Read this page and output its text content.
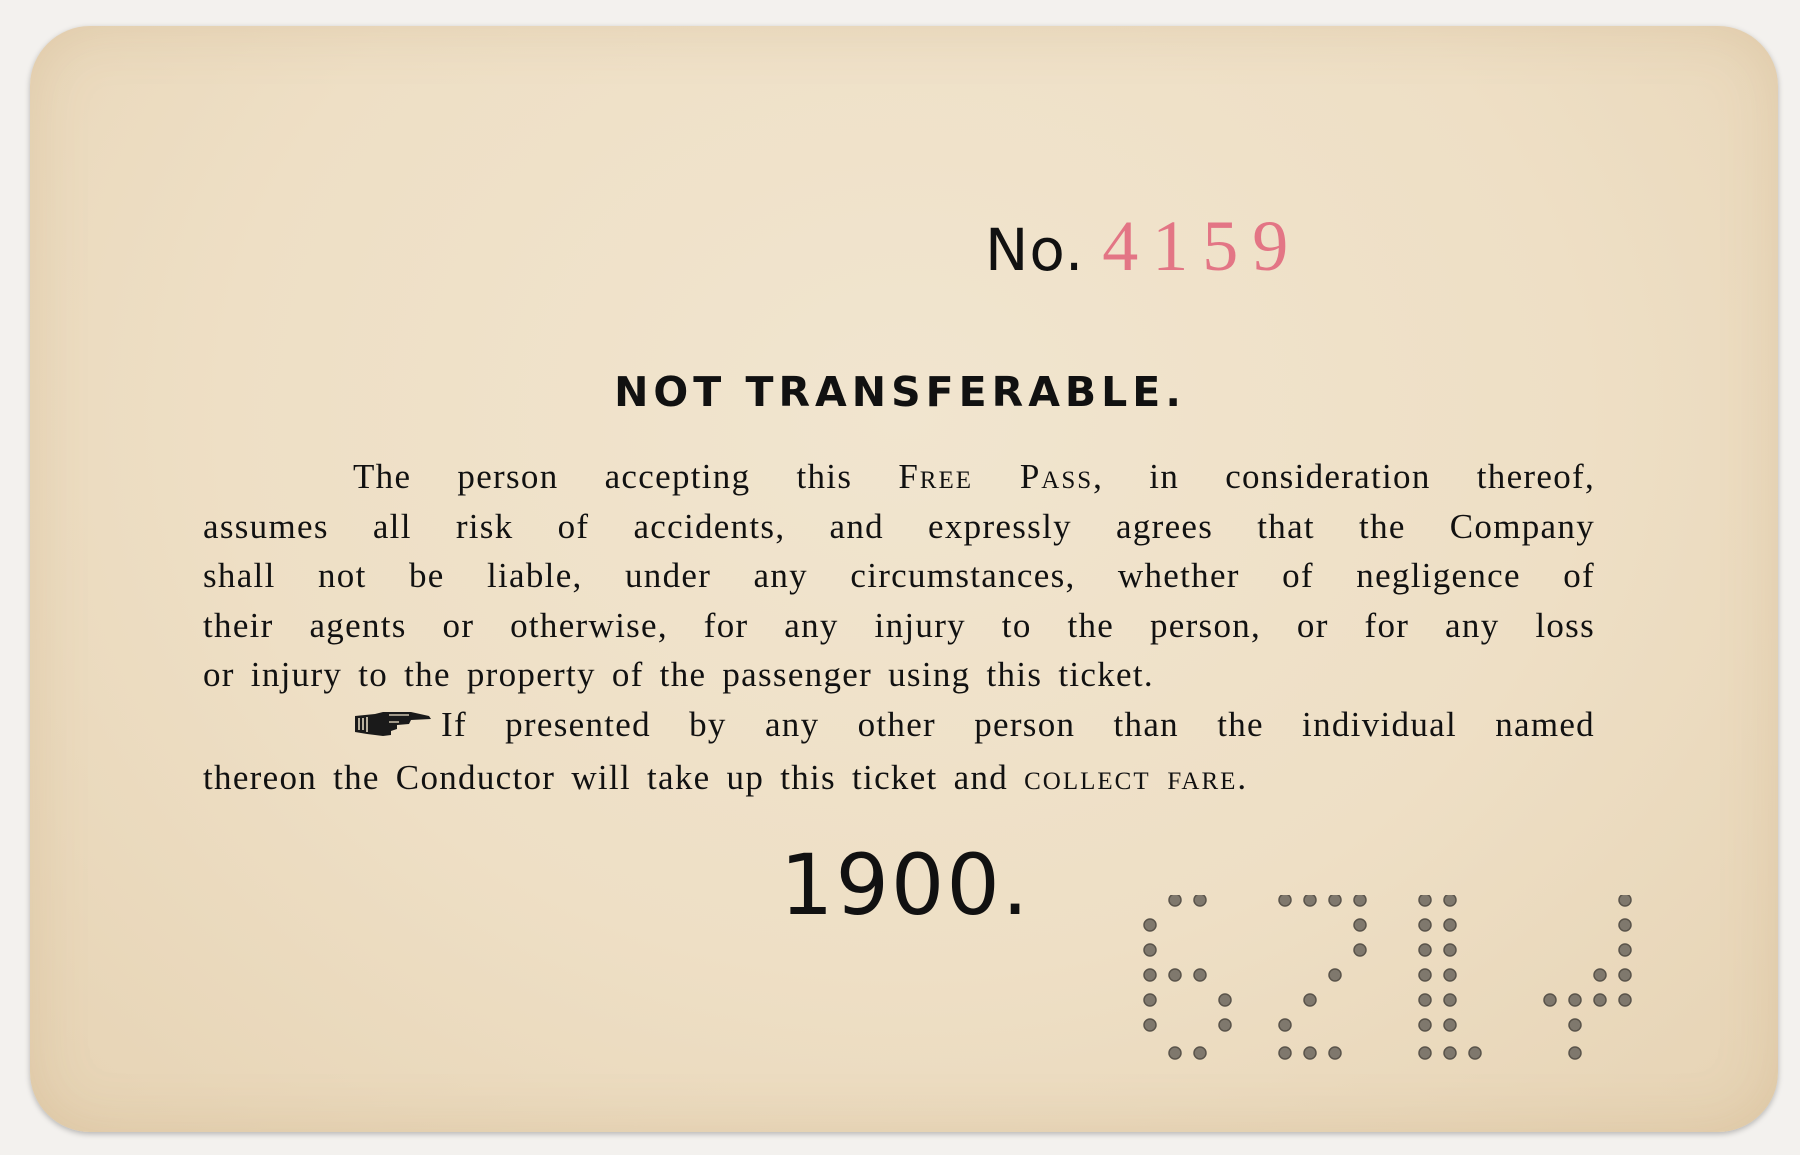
No. 4159
NOT TRANSFERABLE.
The person accepting this Free Pass, in consideration thereof,
assumes all risk of accidents, and expressly agrees that the Company
shall not be liable, under any circumstances, whether of negligence of
their agents or otherwise, for any injury to the person, or for any loss
or injury to the property of the passenger using this ticket.
If presented by any other person than the individual named
thereon the Conductor will take up this ticket and collect fare.
1900.
